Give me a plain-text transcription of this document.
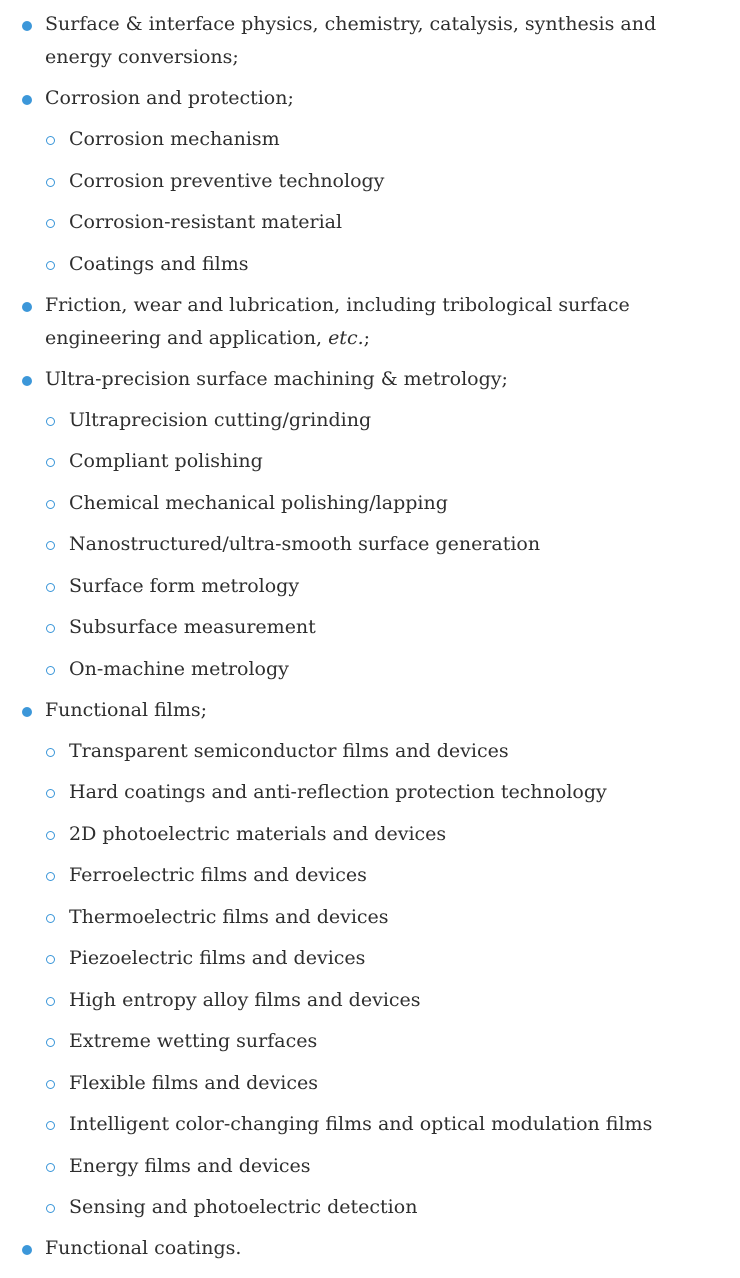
Surface & interface physics, chemistry, catalysis, synthesis and energy conversions;
Corrosion and protection;
Corrosion mechanism
Corrosion preventive technology
Corrosion-resistant material
Coatings and films
Friction, wear and lubrication, including tribological surface engineering and application, etc.;
Ultra-precision surface machining & metrology;
Ultraprecision cutting/grinding
Compliant polishing
Chemical mechanical polishing/lapping
Nanostructured/ultra-smooth surface generation
Surface form metrology
Subsurface measurement
On-machine metrology
Functional films;
Transparent semiconductor films and devices
Hard coatings and anti-reflection protection technology
2D photoelectric materials and devices
Ferroelectric films and devices
Thermoelectric films and devices
Piezoelectric films and devices
High entropy alloy films and devices
Extreme wetting surfaces
Flexible films and devices
Intelligent color-changing films and optical modulation films
Energy films and devices
Sensing and photoelectric detection
Functional coatings.
